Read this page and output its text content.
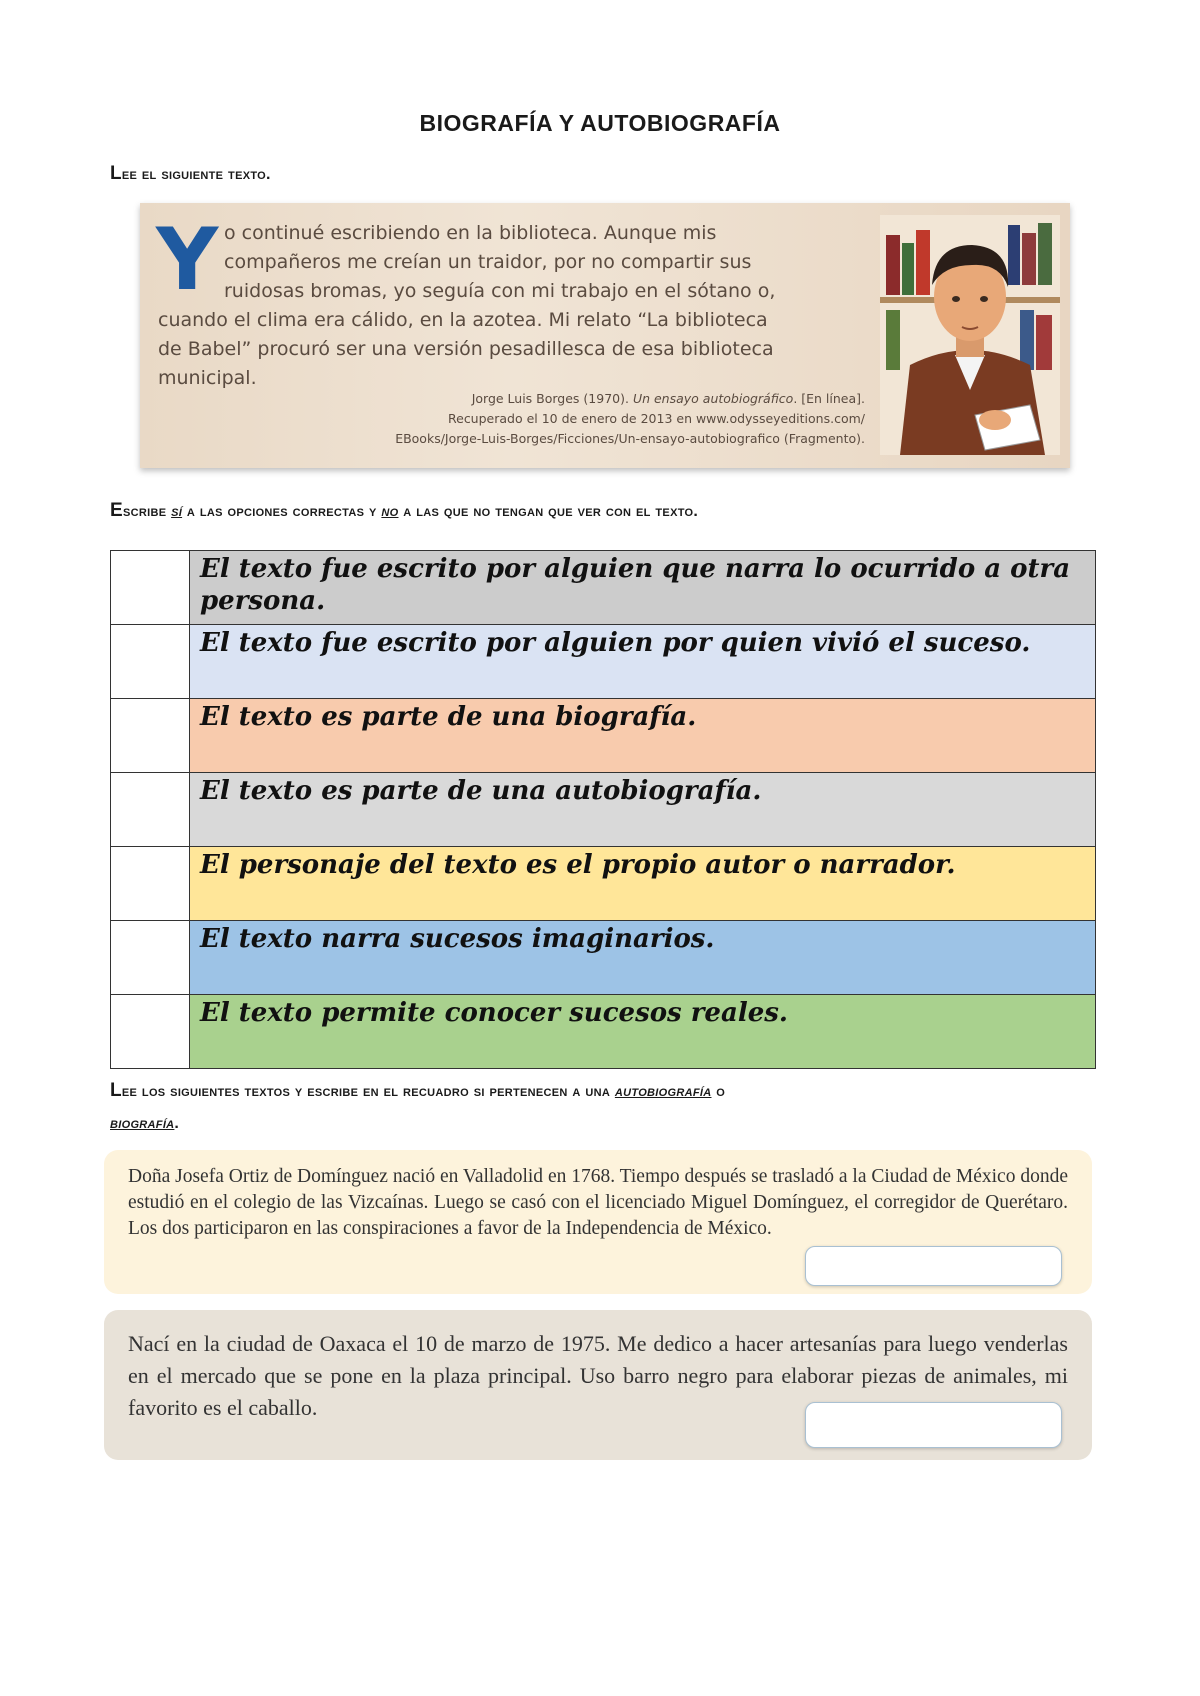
BIOGRAFÍA Y AUTOBIOGRAFÍA
Lee el siguiente texto.
Y o continué escribiendo en la biblioteca. Aunque mis
compañeros me creían un traidor, por no compartir sus
ruidosas bromas, yo seguía con mi trabajo en el sótano o,
cuando el clima era cálido, en la azotea. Mi relato “La biblioteca
de Babel” procuró ser una versión pesadillesca de esa biblioteca
municipal.
Jorge Luis Borges (1970). Un ensayo autobiográfico. [En línea].
Recuperado el 10 de enero de 2013 en www.odysseyeditions.com/
EBooks/Jorge-Luis-Borges/Ficciones/Un-ensayo-autobiografico (Fragmento).
Escribe sí a las opciones correctas y no a las que no tengan que ver con el texto.
	El texto fue escrito por alguien que narra lo ocurrido a otra persona.
	El texto fue escrito por alguien por quien vivió el suceso.
	El texto es parte de una biografía.
	El texto es parte de una autobiografía.
	El personaje del texto es el propio autor o narrador.
	El texto narra sucesos imaginarios.
	El texto permite conocer sucesos reales.
Lee los siguientes textos y escribe en el recuadro si pertenecen a una autobiografía o
biografía.
Doña Josefa Ortiz de Domínguez nació en Valladolid en 1768. Tiempo después se trasladó a la Ciudad de México donde estudió en el colegio de las Vizcaínas. Luego se casó con el licenciado Miguel Domínguez, el corregidor de Querétaro. Los dos participaron en las conspiraciones a favor de la Independencia de México.
Nací en la ciudad de Oaxaca el 10 de marzo de 1975. Me dedico a hacer artesanías para luego venderlas en el mercado que se pone en la plaza principal. Uso barro negro para elaborar piezas de animales, mi favorito es el caballo.
